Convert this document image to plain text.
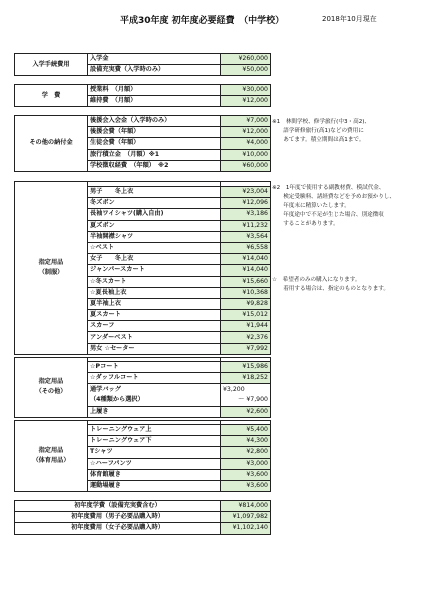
平成30年度 初年度必要経費　（中学校）	2018年10月現在
入学手続費用	入学金	¥260,000
	設備充実費（入学時のみ）	¥50,000
学　費	授業料　（月額）	¥30,000
	維持費　（月額）	¥12,000
その他の納付金	後援会入会金（入学時のみ）	¥7,000
	後援会費（年額）	¥12,000
	生徒会費（年額）	¥4,000
	旅行積立金　（月額）※1	¥10,000
	学校徴収経費　（年額）　※2	¥60,000
指定用品
（制服）		
	男子　　冬上衣	¥23,004
	冬ズボン	¥12,096
	長袖ワイシャツ(購入自由)	¥3,186
	夏ズボン	¥11,232
	半袖開襟シャツ	¥3,564
	☆ベスト	¥6,558
	女子　　冬上衣	¥14,040
	ジャンパースカート	¥14,040
	☆冬スカート	¥15,660
	☆夏長袖上衣	¥10,368
	夏半袖上衣	¥9,828
	夏スカート	¥15,012
	スカーフ	¥1,944
	アンダーベスト	¥2,376
	男女 ☆セーター	¥7,992
指定用品
（その他）		
	☆Pコート	¥15,986
	☆ダッフルコート	¥18,252
	通学バッグ	¥3,200
	（4種類から選択）	～ ¥7,900
	上履き	¥2,600
指定用品
（体育用品）		
	トレーニングウェア上	¥5,400
	トレーニングウェア下	¥4,300
	Tシャツ	¥2,800
	☆ハーフパンツ	¥3,000
	体育館履き	¥3,600
	運動場履き	¥3,600
初年度学費（設備充実費含む）	¥814,000
初年度費用（男子必要品購入時）	¥1,097,982
初年度費用（女子必要品購入時）	¥1,102,140
※1　林間学校、修学旅行(中3・高2)、
　　語学研修旅行(高1)などの費用に
　　あてます。積立期間は高1まで。
※2　1年度で使用する副教材費、模試代金、
　　検定受験料、諸経費などを予めお預かりし、
　　年度末に精算いたします。
　　年度途中で不足が生じた場合、別途徴収
　　することがあります。
☆　希望者のみの購入になります。
　　着用する場合は、指定のものとなります。
